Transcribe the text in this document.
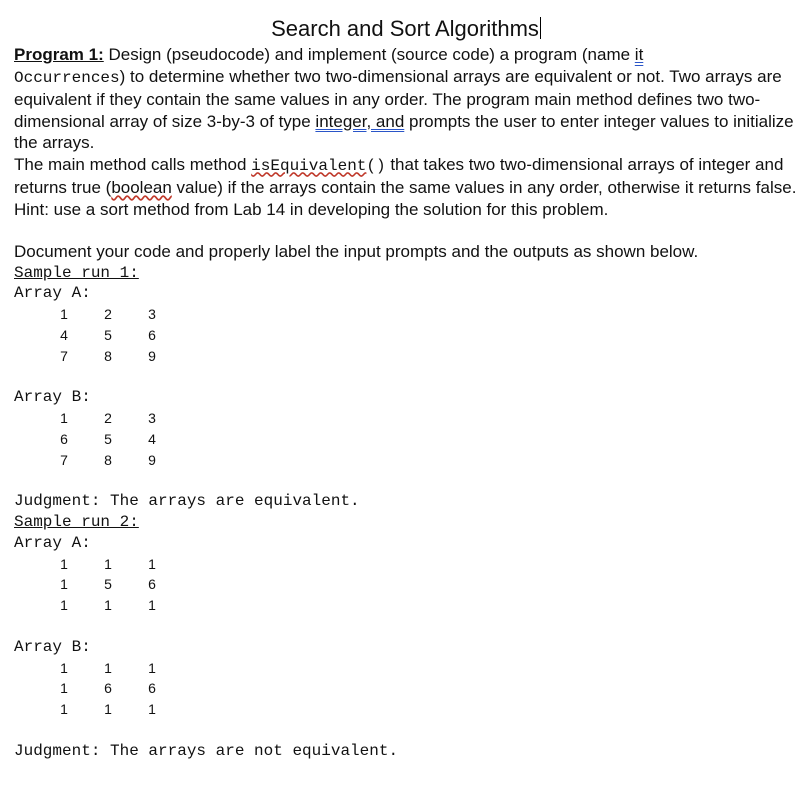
Search and Sort Algorithms
Program 1: Design (pseudocode) and implement (source code) a program (name it
Occurrences) to determine whether two two-dimensional arrays are equivalent or not. Two arrays are equivalent if they contain the same values in any order. The program main method defines two two-dimensional array of size 3-by-3 of type integer, and prompts the user to enter integer values to initialize the arrays.
The main method calls method isEquivalent() that takes two two-dimensional arrays of integer and returns true (boolean value) if the arrays contain the same values in any order, otherwise it returns false.
Hint: use a sort method from Lab 14 in developing the solution for this problem.
Document your code and properly label the input prompts and the outputs as shown below.
Sample run 1:
Array A:
1	2	3
4	5	6
7	8	9
Array B:
1	2	3
6	5	4
7	8	9
Judgment: The arrays are equivalent.
Sample run 2:
Array A:
1	1	1
1	5	6
1	1	1
Array B:
1	1	1
1	6	6
1	1	1
Judgment: The arrays are not equivalent.
